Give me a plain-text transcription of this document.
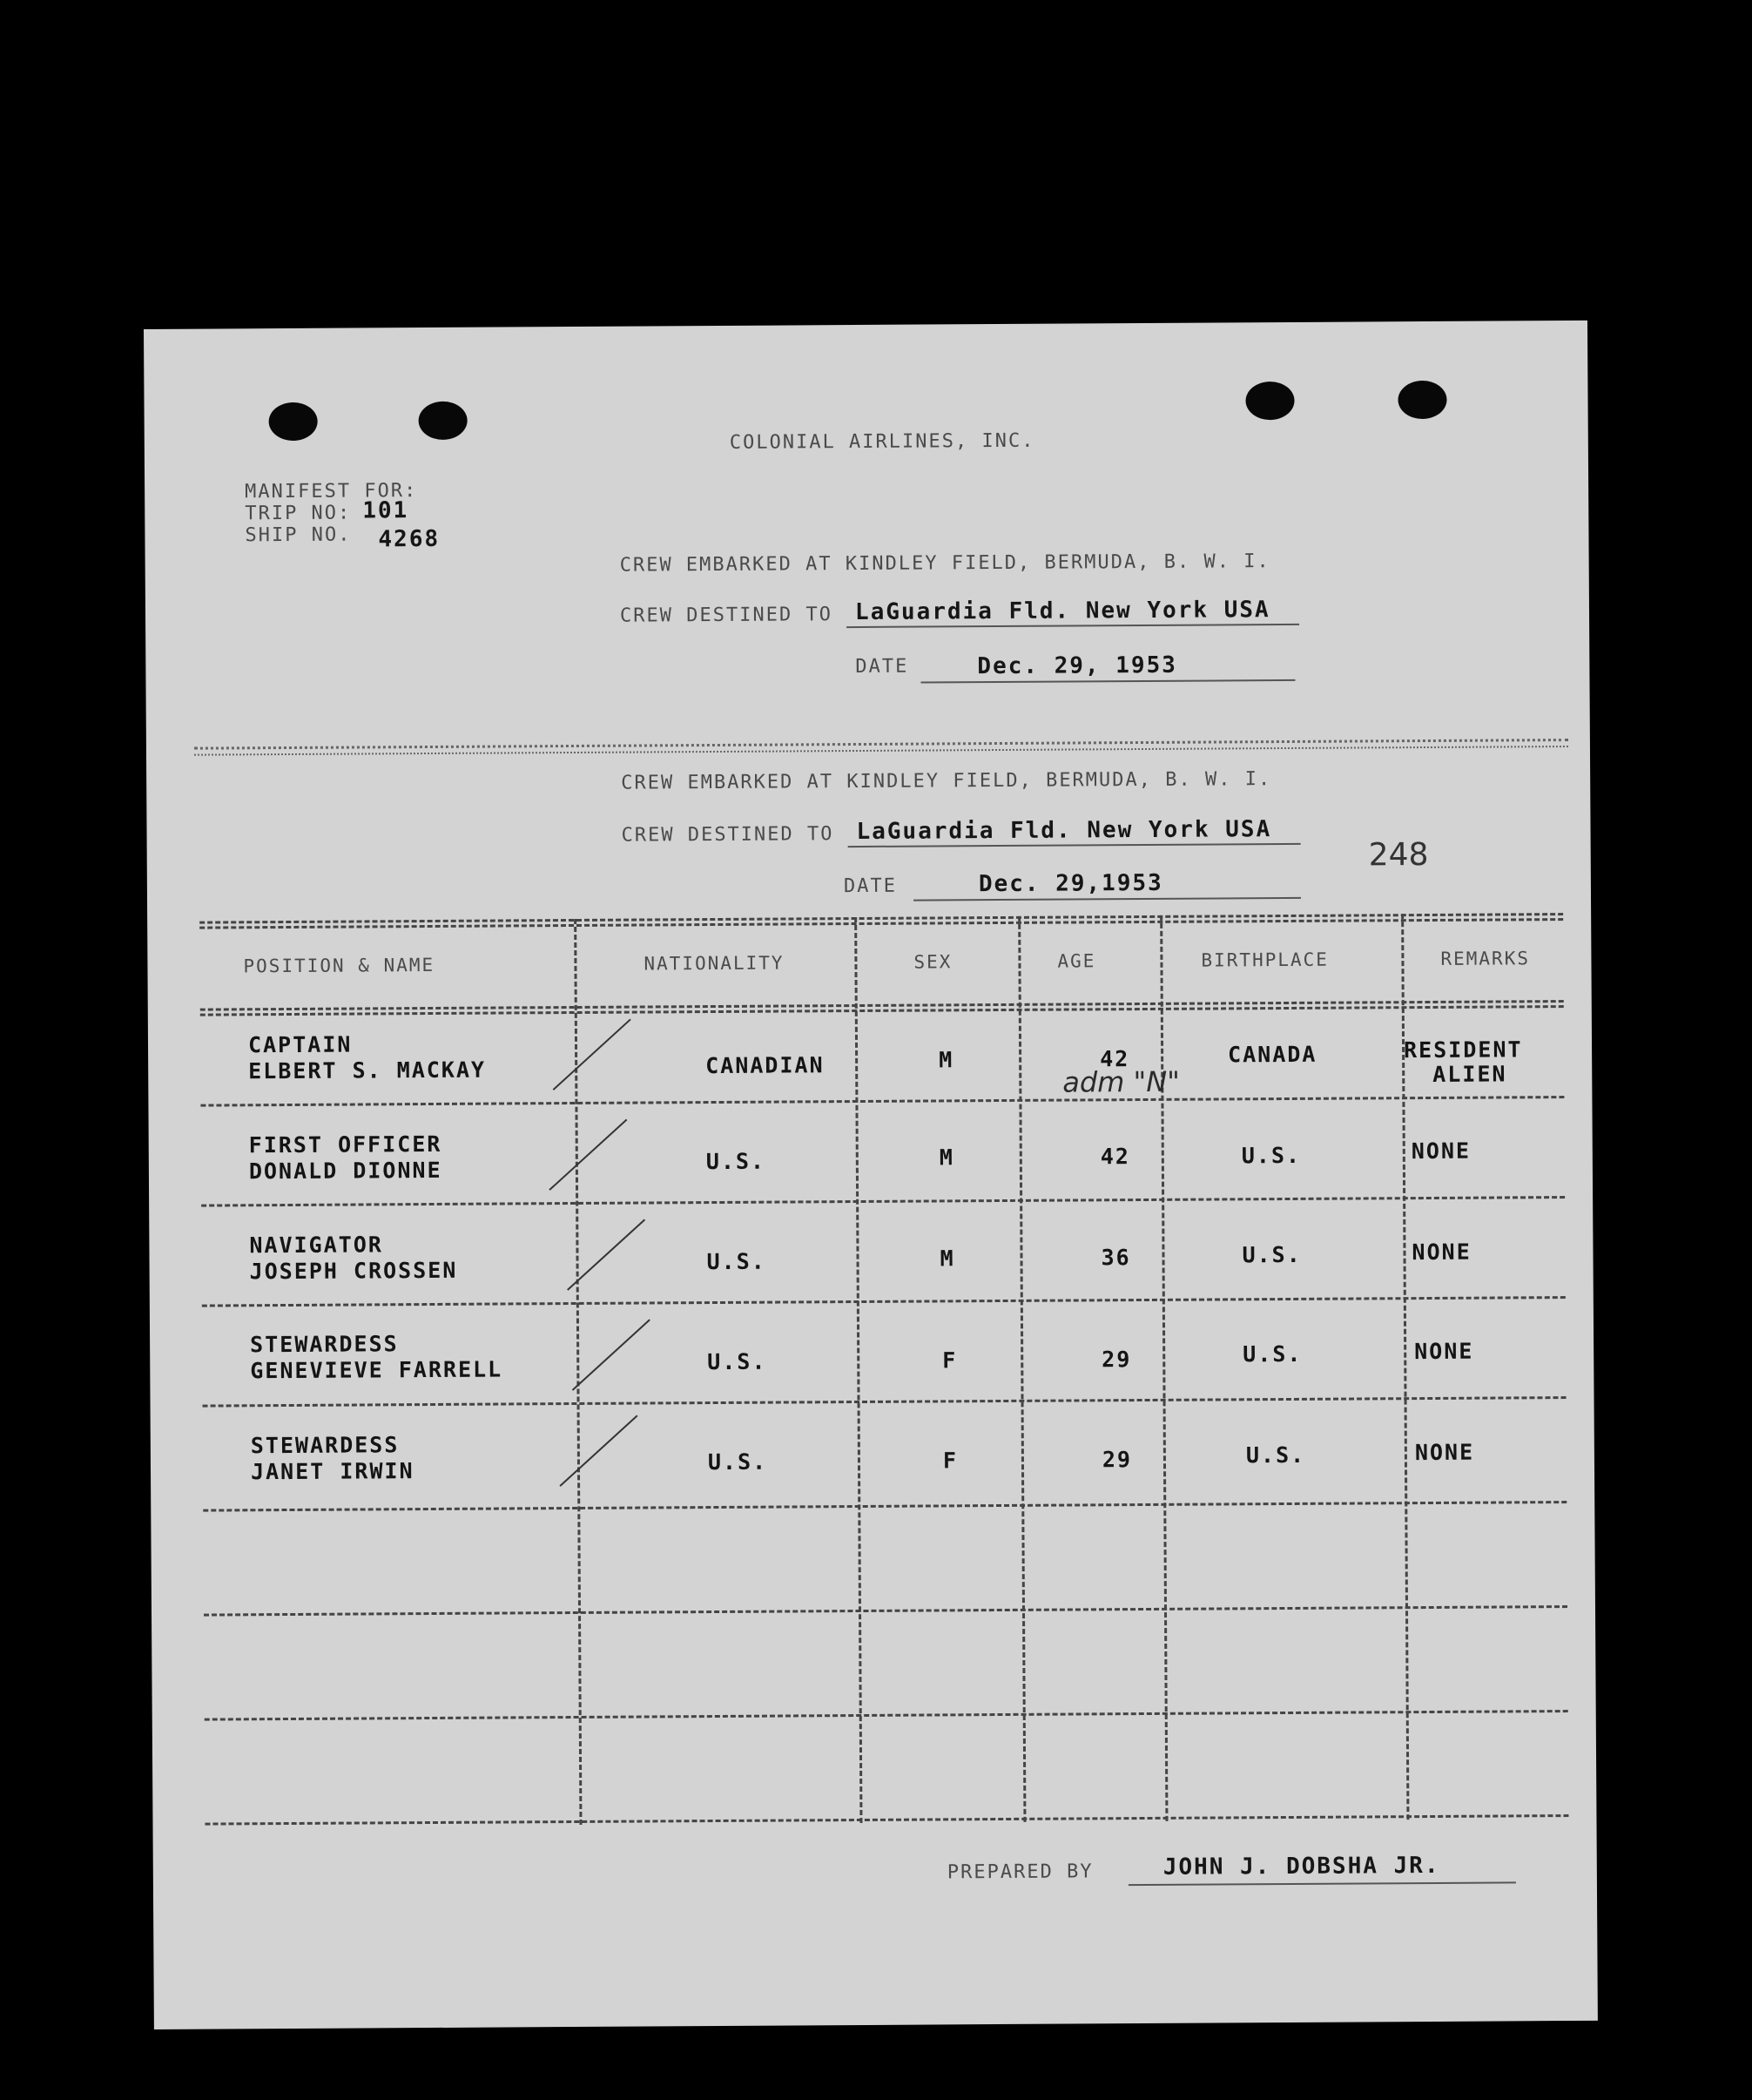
COLONIAL AIRLINES, INC.
MANIFEST FOR:
TRIP NO: 101
SHIP NO. 4268
CREW EMBARKED AT KINDLEY FIELD, BERMUDA, B. W. I.
CREW DESTINED TO LaGuardia Fld. New York USA
DATE	Dec. 29, 1953
CREW EMBARKED AT KINDLEY FIELD, BERMUDA, B. W. I.
CREW DESTINED TO LaGuardia Fld. New York USA
DATE	Dec. 29,1953
248
POSITION & NAME	NATIONALITY	SEX	AGE	BIRTHPLACE	REMARKS
CAPTAIN
ELBERT S. MACKAY	CANADIAN	M	42	CANADA	RESIDENT
ALIEN
adm "N"
FIRST OFFICER
DONALD DIONNE	U.S.	M	42	U.S.	NONE
NAVIGATOR
JOSEPH CROSSEN	U.S.	M	36	U.S.	NONE
STEWARDESS
GENEVIEVE FARRELL	U.S.	F	29	U.S.	NONE
STEWARDESS
JANET IRWIN	U.S.	F	29	U.S.	NONE
PREPARED BY	JOHN J. DOBSHA JR.
